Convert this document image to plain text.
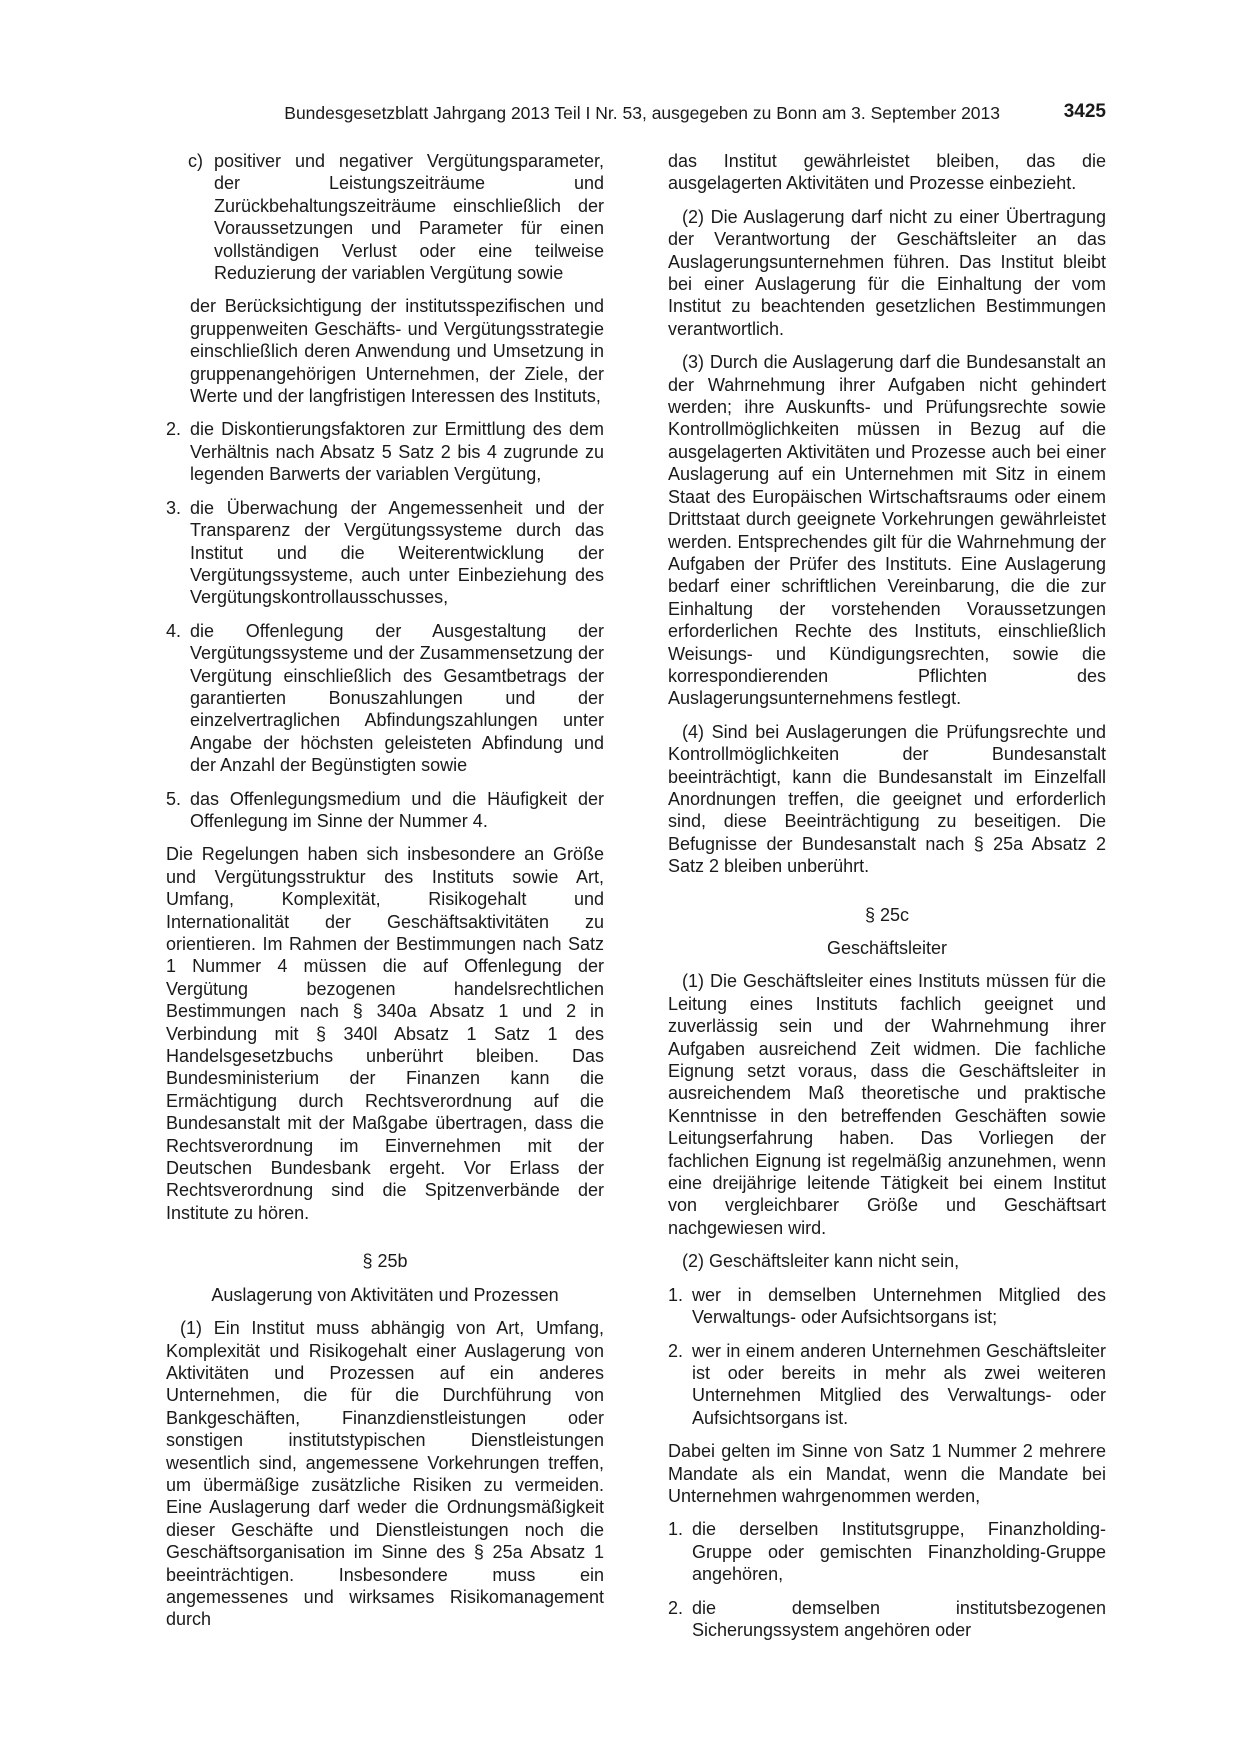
Bundesgesetzblatt Jahrgang 2013 Teil I Nr. 53, ausgegeben zu Bonn am 3. September 2013	3425
c) positiver und negativer Vergütungsparameter, der Leistungszeiträume und Zurückbehaltungszeiträume einschließlich der Voraussetzungen und Parameter für einen vollständigen Verlust oder eine teilweise Reduzierung der variablen Vergütung sowie

der Berücksichtigung der institutsspezifischen und gruppenweiten Geschäfts- und Vergütungsstrategie einschließlich deren Anwendung und Umsetzung in gruppenangehörigen Unternehmen, der Ziele, der Werte und der langfristigen Interessen des Instituts,

2. die Diskontierungsfaktoren zur Ermittlung des dem Verhältnis nach Absatz 5 Satz 2 bis 4 zugrunde zu legenden Barwerts der variablen Vergütung,

3. die Überwachung der Angemessenheit und der Transparenz der Vergütungssysteme durch das Institut und die Weiterentwicklung der Vergütungssysteme, auch unter Einbeziehung des Vergütungskontrollausschusses,

4. die Offenlegung der Ausgestaltung der Vergütungssysteme und der Zusammensetzung der Vergütung einschließlich des Gesamtbetrags der garantierten Bonuszahlungen und der einzelvertraglichen Abfindungszahlungen unter Angabe der höchsten geleisteten Abfindung und der Anzahl der Begünstigten sowie

5. das Offenlegungsmedium und die Häufigkeit der Offenlegung im Sinne der Nummer 4.

Die Regelungen haben sich insbesondere an Größe und Vergütungsstruktur des Instituts sowie Art, Umfang, Komplexität, Risikogehalt und Internationalität der Geschäftsaktivitäten zu orientieren. Im Rahmen der Bestimmungen nach Satz 1 Nummer 4 müssen die auf Offenlegung der Vergütung bezogenen handelsrechtlichen Bestimmungen nach § 340a Absatz 1 und 2 in Verbindung mit § 340l Absatz 1 Satz 1 des Handelsgesetzbuchs unberührt bleiben. Das Bundesministerium der Finanzen kann die Ermächtigung durch Rechtsverordnung auf die Bundesanstalt mit der Maßgabe übertragen, dass die Rechtsverordnung im Einvernehmen mit der Deutschen Bundesbank ergeht. Vor Erlass der Rechtsverordnung sind die Spitzenverbände der Institute zu hören.

§ 25b

Auslagerung von Aktivitäten und Prozessen

(1) Ein Institut muss abhängig von Art, Umfang, Komplexität und Risikogehalt einer Auslagerung von Aktivitäten und Prozessen auf ein anderes Unternehmen, die für die Durchführung von Bankgeschäften, Finanzdienstleistungen oder sonstigen institutstypischen Dienstleistungen wesentlich sind, angemessene Vorkehrungen treffen, um übermäßige zusätzliche Risiken zu vermeiden. Eine Auslagerung darf weder die Ordnungsmäßigkeit dieser Geschäfte und Dienstleistungen noch die Geschäftsorganisation im Sinne des § 25a Absatz 1 beeinträchtigen. Insbesondere muss ein angemessenes und wirksames Risikomanagement durch

das Institut gewährleistet bleiben, das die ausgelagerten Aktivitäten und Prozesse einbezieht.

(2) Die Auslagerung darf nicht zu einer Übertragung der Verantwortung der Geschäftsleiter an das Auslagerungsunternehmen führen. Das Institut bleibt bei einer Auslagerung für die Einhaltung der vom Institut zu beachtenden gesetzlichen Bestimmungen verantwortlich.

(3) Durch die Auslagerung darf die Bundesanstalt an der Wahrnehmung ihrer Aufgaben nicht gehindert werden; ihre Auskunfts- und Prüfungsrechte sowie Kontrollmöglichkeiten müssen in Bezug auf die ausgelagerten Aktivitäten und Prozesse auch bei einer Auslagerung auf ein Unternehmen mit Sitz in einem Staat des Europäischen Wirtschaftsraums oder einem Drittstaat durch geeignete Vorkehrungen gewährleistet werden. Entsprechendes gilt für die Wahrnehmung der Aufgaben der Prüfer des Instituts. Eine Auslagerung bedarf einer schriftlichen Vereinbarung, die die zur Einhaltung der vorstehenden Voraussetzungen erforderlichen Rechte des Instituts, einschließlich Weisungs- und Kündigungsrechten, sowie die korrespondierenden Pflichten des Auslagerungsunternehmens festlegt.

(4) Sind bei Auslagerungen die Prüfungsrechte und Kontrollmöglichkeiten der Bundesanstalt beeinträchtigt, kann die Bundesanstalt im Einzelfall Anordnungen treffen, die geeignet und erforderlich sind, diese Beeinträchtigung zu beseitigen. Die Befugnisse der Bundesanstalt nach § 25a Absatz 2 Satz 2 bleiben unberührt.

§ 25c

Geschäftsleiter

(1) Die Geschäftsleiter eines Instituts müssen für die Leitung eines Instituts fachlich geeignet und zuverlässig sein und der Wahrnehmung ihrer Aufgaben ausreichend Zeit widmen. Die fachliche Eignung setzt voraus, dass die Geschäftsleiter in ausreichendem Maß theoretische und praktische Kenntnisse in den betreffenden Geschäften sowie Leitungserfahrung haben. Das Vorliegen der fachlichen Eignung ist regelmäßig anzunehmen, wenn eine dreijährige leitende Tätigkeit bei einem Institut von vergleichbarer Größe und Geschäftsart nachgewiesen wird.

(2) Geschäftsleiter kann nicht sein,

1. wer in demselben Unternehmen Mitglied des Verwaltungs- oder Aufsichtsorgans ist;

2. wer in einem anderen Unternehmen Geschäftsleiter ist oder bereits in mehr als zwei weiteren Unternehmen Mitglied des Verwaltungs- oder Aufsichtsorgans ist.

Dabei gelten im Sinne von Satz 1 Nummer 2 mehrere Mandate als ein Mandat, wenn die Mandate bei Unternehmen wahrgenommen werden,

1. die derselben Institutsgruppe, Finanzholding-Gruppe oder gemischten Finanzholding-Gruppe angehören,

2. die demselben institutsbezogenen Sicherungssystem angehören oder
